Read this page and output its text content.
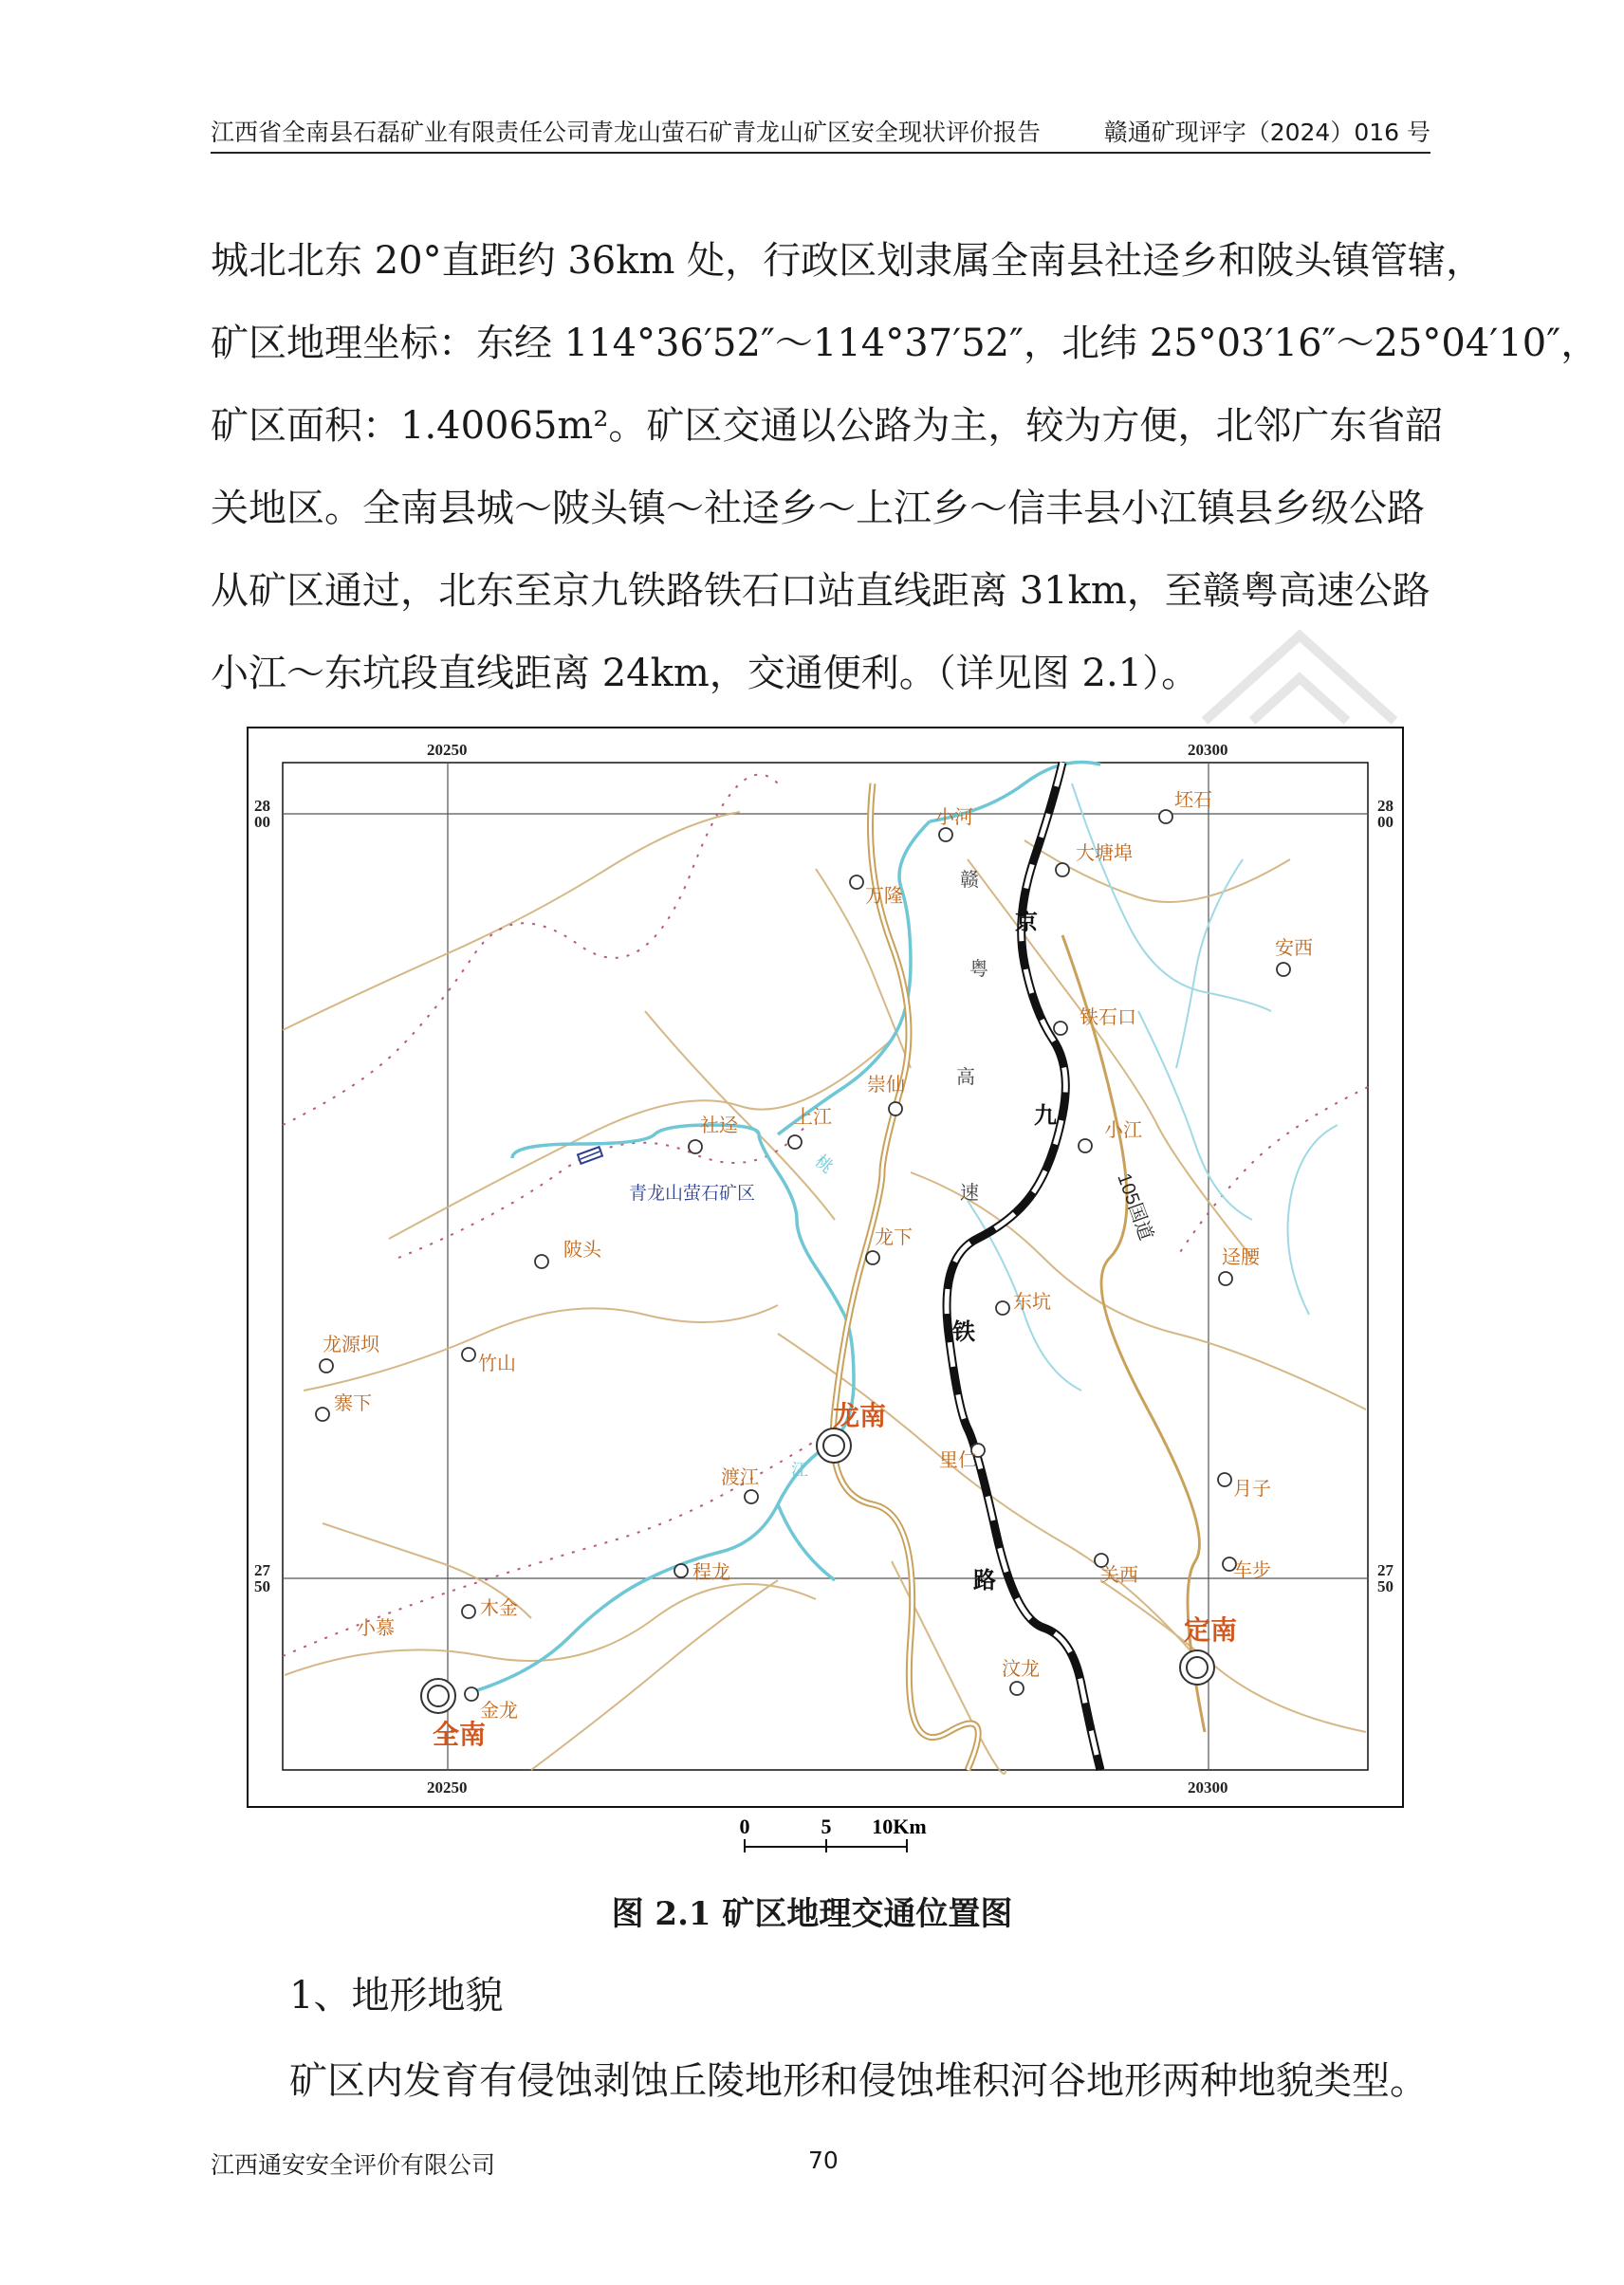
江西省全南县石磊矿业有限责任公司青龙山萤石矿青龙山矿区安全现状评价报告	赣通矿现评字（2024）016 号

城北北东 20°直距约 36km 处，行政区划隶属全南县社迳乡和陂头镇管辖，

矿区地理坐标：东经 114°36′52″～114°37′52″，北纬 25°03′16″～25°04′10″，

矿区面积：1.40065m²。矿区交通以公路为主，较为方便，北邻广东省韶

关地区。全南县城～陂头镇～社迳乡～上江乡～信丰县小江镇县乡级公路

从矿区通过，北东至京九铁路铁石口站直线距离 31km，至赣粤高速公路

小江～东坑段直线距离 24km，交通便利。（详见图 2.1）。

20250	20300
20250	20300
28
00
28
00
27
50
27
50
青龙山萤石矿区
小河
坯石
大塘埠
万隆
安西
铁石口
崇仙
社迳	上江
小江
龙下
陂头	迳腰
东坑
龙源坝
竹山
寨下
里仁
渡江
月子
程龙	关西	车步
木金
小慕
汶龙
金龙
龙南
全南
定南
京
九
铁
路
赣
粤
高
速	105国道
桃
江
0	5 10Km
图 2.1 矿区地理交通位置图
1、地形地貌
矿区内发育有侵蚀剥蚀丘陵地形和侵蚀堆积河谷地形两种地貌类型。
江西通安安全评价有限公司	70
